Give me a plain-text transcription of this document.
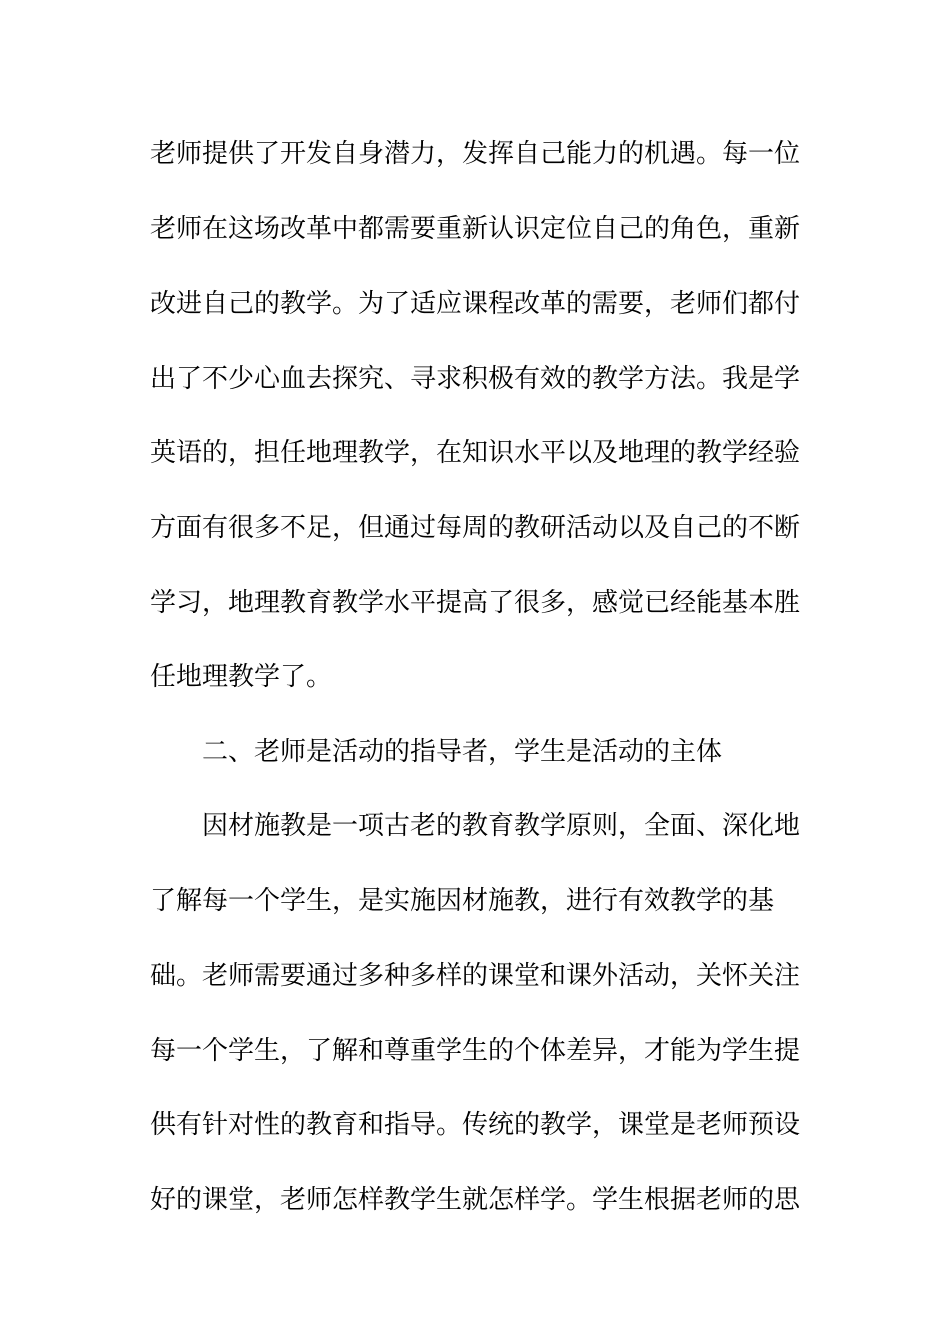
老师提供了开发自身潜力，发挥自己能力的机遇。每一位
老师在这场改革中都需要重新认识定位自己的角色，重新
改进自己的教学。为了适应课程改革的需要，老师们都付
出了不少心血去探究、寻求积极有效的教学方法。我是学
英语的，担任地理教学，在知识水平以及地理的教学经验
方面有很多不足，但通过每周的教研活动以及自己的不断
学习，地理教育教学水平提高了很多，感觉已经能基本胜
任地理教学了。
二、老师是活动的指导者，学生是活动的主体
因材施教是一项古老的教育教学原则，全面、深化地
了解每一个学生，是实施因材施教，进行有效教学的基
础。老师需要通过多种多样的课堂和课外活动，关怀关注
每一个学生，了解和尊重学生的个体差异，才能为学生提
供有针对性的教育和指导。传统的教学，课堂是老师预设
好的课堂，老师怎样教学生就怎样学。学生根据老师的思
